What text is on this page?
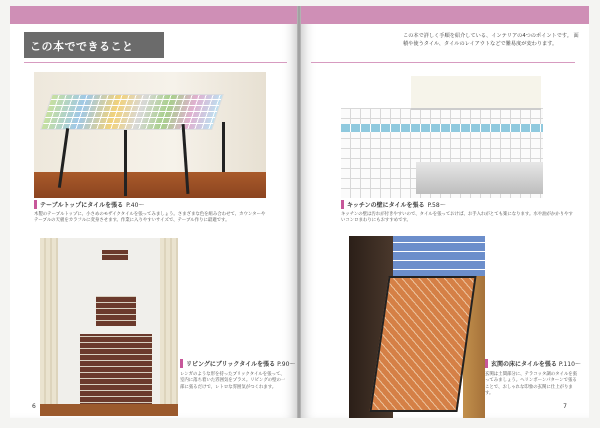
この本でできること
テーブルトップにタイルを張る P.40〜
木製のテーブルトップに、小さめのモザイクタイルを張ってみましょう。さまざまな色を組み合わせて、カウンターやテーブルの天板をカラフルに変身させます。作業に入りやすいサイズで、テーブル作りに最適です。
リビングにブリックタイルを張る P.90〜
レンガのような形を持ったブリックタイルを張って、室内に落ち着いた雰囲気をプラス。リビングの壁の一部に張るだけで、レトロな雰囲気がつくれます。
6
この本で詳しく手順を紹介している、インテリアの4つのポイントです。 面積や使うタイル、タイルのレイアウトなどで難易度が変わります。
キッチンの壁にタイルを張る P.58〜
キッチンの壁は汚れが付きやすいので、タイルを張っておけば、お手入れがとても楽になります。水や油がかかりやすいコンロまわりにもおすすめです。
玄関の床にタイルを張る P.110〜
玄関は土間部分に、テラコッタ調のタイルを張ってみましょう。ヘリンボーンパターンで張ることで、おしゃれな印象の玄関に仕上がります。
7
